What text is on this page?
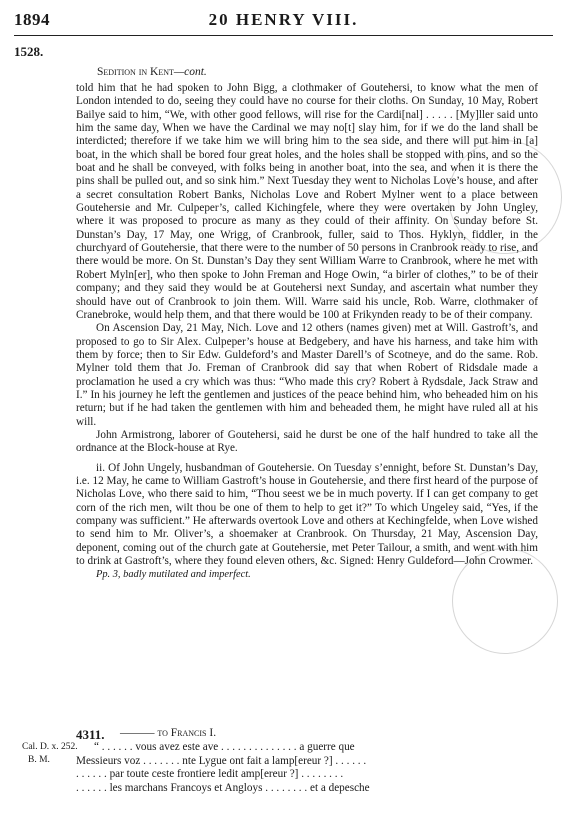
1894	20 HENRY VIII.
1528.
Sedition in Kent—cont.

told him that he had spoken to John Bigg, a clothmaker of Goutehersi, to know what the men of London intended to do, seeing they could have no course for their cloths. On Sunday, 10 May, Robert Bailye said to him, “We, with other good fellows, will rise for the Cardi[nal] . . . . . [My]ller said unto him the same day, When we have the Cardinal we may no[t] slay him, for if we do the land shall be interdicted; therefore if we take him we will bring him to the sea side, and there will put him in [a] boat, in the which shall be bored four great holes, and the holes shall be stopped with pins, and so the boat and he shall be conveyed, with folks being in another boat, into the sea, and when it is there the pins shall be pulled out, and so sink him.” Next Tuesday they went to Nicholas Love’s house, and after a secret consultation Robert Banks, Nicholas Love and Robert Mylner went to a place between Goutehersie and Mr. Culpeper’s, called Kichingfele, where they were overtaken by John Ungley, where it was proposed to procure as many as they could of their affinity. On Sunday before St. Dunstan’s Day, 17 May, one Wrigg, of Cranbrook, fuller, said to Thos. Hyklyn, fiddler, in the churchyard of Goutehersie, that there were to the number of 50 persons in Cranbrook ready to rise, and there would be more. On St. Dunstan’s Day they sent William Warre to Cranbrook, where he met with Robert Myln[er], who then spoke to John Freman and Hoge Owin, “a birler of clothes,” to be of their company; and they said they would be at Goutehersi next Sunday, and ascertain what number they should have out of Cranbrook to join them. Will. Warre said his uncle, Rob. Warre, clothmaker of Cranebroke, would help them, and that there would be 100 at Frikynden ready to be of their company.

On Ascension Day, 21 May, Nich. Love and 12 others (names given) met at Will. Gastroft’s, and proposed to go to Sir Alex. Culpeper’s house at Bedgebery, and have his harness, and take him with them by force; then to Sir Edw. Guldeford’s and Master Darell’s of Scotneye, and do the same. Rob. Mylner told them that Jo. Freman of Cranbrook did say that when Robert of Ridsdale made a proclamation he used a cry which was thus: “Who made this cry? Robert à Rydsdale, Jack Straw and I.” In his journey he left the gentlemen and justices of the peace behind him, who beheaded him on his return; but if he had taken the gentlemen with him and beheaded them, he might have ruled all at his will.

John Armistrong, laborer of Goutehersi, said he durst be one of the half hundred to take all the ordnance at the Block-house at Rye.

ii. Of John Ungely, husbandman of Goutehersie. On Tuesday s’ennight, before St. Dunstan’s Day, i.e. 12 May, he came to William Gastroft’s house in Goutehersie, and there first heard of the purpose of Nicholas Love, who there said to him, “Thou seest we be in much poverty. If I can get company to get corn of the rich men, wilt thou be one of them to help to get it?” To which Ungeley said, “Yes, if the company was sufficient.” He afterwards overtook Love and others at Kechingfelde, when Love wished to send him to Mr. Oliver’s, a shoemaker at Cranbrook. On Thursday, 21 May, Ascension Day, deponent, coming out of the church gate at Goutehersie, met Peter Tailour, a smith, and went with him to drink at Gastroft’s, where they found eleven others, &c. Signed: Henry Guldeford—John Crowmer.

Pp. 3, badly mutilated and imperfect.

4311. ——— to Francis I.
Cal. D. x. 252.
B. M.
“ . . . . . . vous avez este ave . . . . . . . . . . . . . . a guerre que
Messieurs voz . . . . . . . nte Lygue ont fait a lamp[ereur ?] . . . . . .
. . . . . . par toute ceste frontiere ledit amp[ereur ?] . . . . . . . .
. . . . . . les marchans Francoys et Angloys . . . . . . . . et a depesche
